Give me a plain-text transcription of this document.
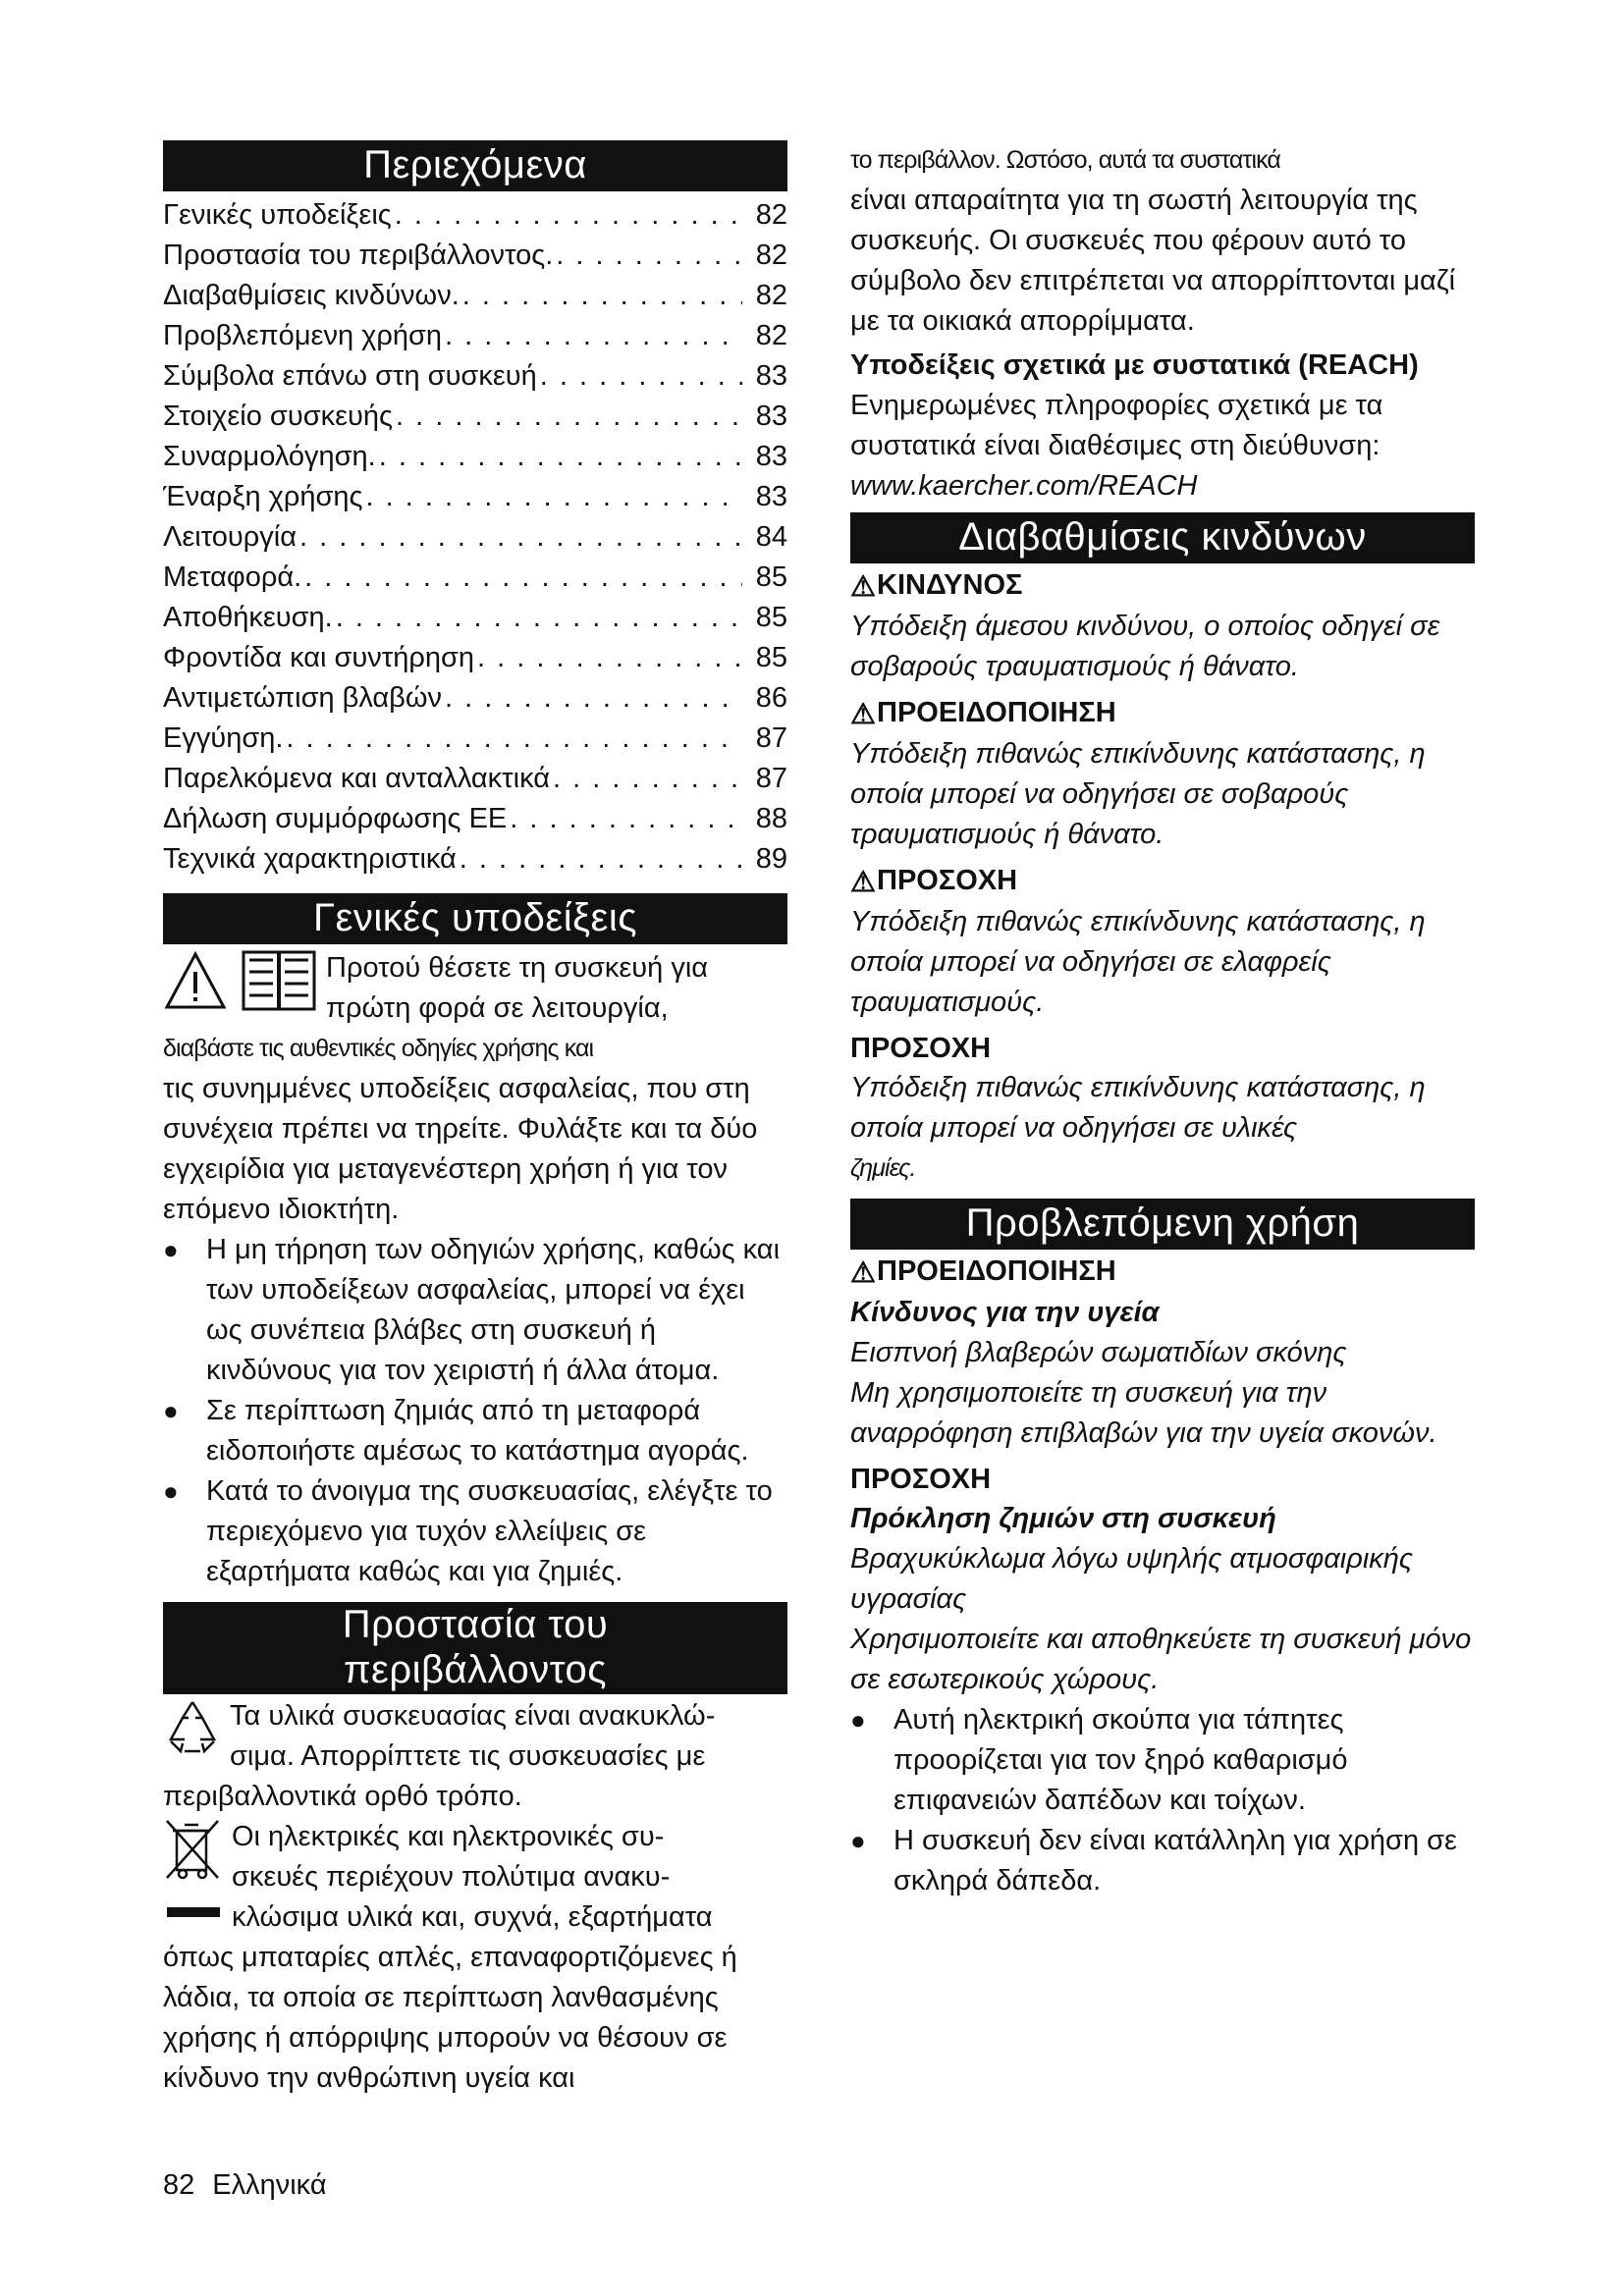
Περιεχόμενα
Γενικές υποδείξεις . . .	82
Προστασία του περιβάλλοντος. . . .	82
Διαβαθμίσεις κινδύνων. . . .	82
Προβλεπόμενη χρήση . . .	82
Σύμβολα επάνω στη συσκευή . . .	83
Στοιχείο συσκευής . . .	83
Συναρμολόγηση. . . .	83
Έναρξη χρήσης . . .	83
Λειτουργία . . .	84
Μεταφορά. . . .	85
Αποθήκευση. . . .	85
Φροντίδα και συντήρηση . . .	85
Αντιμετώπιση βλαβών . . .	86
Εγγύηση. . . .	87
Παρελκόμενα και ανταλλακτικά . . .	87
Δήλωση συμμόρφωσης ΕΕ . . .	88
Τεχνικά χαρακτηριστικά . . .	89
Γενικές υποδείξεις

Προτού θέσετε τη συσκευή για

πρώτη φορά σε λειτουργία,

διαβάστε τις αυθεντικές οδηγίες χρήσης και

τις συνημμένες υποδείξεις ασφαλείας, που στη συνέχεια πρέπει να τηρείτε. Φυλάξτε και τα δύο εγχειρίδια για μεταγενέστερη χρήση ή για τον επόμενο ιδιοκτήτη.

● Η μη τήρηση των οδηγιών χρήσης, καθώς και των υποδείξεων ασφαλείας, μπορεί να έχει ως συνέπεια βλάβες στη συσκευή ή κινδύνους για τον χειριστή ή άλλα άτομα.
● Σε περίπτωση ζημιάς από τη μεταφορά ειδοποιήστε αμέσως το κατάστημα αγοράς.
● Κατά το άνοιγμα της συσκευασίας, ελέγξτε το περιεχόμενο για τυχόν ελλείψεις σε εξαρτήματα καθώς και για ζημιές.
Προστασία του
περιβάλλοντος

Τα υλικά συσκευασίας είναι ανακυκλώ-

σιμα. Απορρίπτετε τις συσκευασίες με

περιβαλλοντικά ορθό τρόπο.

Οι ηλεκτρικές και ηλεκτρονικές συ-

σκευές περιέχουν πολύτιμα ανακυ-

κλώσιμα υλικά και, συχνά, εξαρτήματα

όπως μπαταρίες απλές, επαναφορτιζόμενες ή λάδια, τα οποία σε περίπτωση λανθασμένης χρήσης ή απόρριψης μπορούν να θέσουν σε κίνδυνο την ανθρώπινη υγεία και

το περιβάλλον. Ωστόσο, αυτά τα συστατικά

είναι απαραίτητα για τη σωστή λειτουργία της συσκευής. Οι συσκευές που φέρουν αυτό το σύμβολο δεν επιτρέπεται να απορρίπτονται μαζί με τα οικιακά απορρίμματα.

Υποδείξεις σχετικά με συστατικά (REACH)

Ενημερωμένες πληροφορίες σχετικά με τα συστατικά είναι διαθέσιμες στη διεύθυνση:

www.kaercher.com/REACH

Διαβαθμίσεις κινδύνων
⚠ΚΙΝΔΥΝΟΣ

Υπόδειξη άμεσου κινδύνου, ο οποίος οδηγεί σε σοβαρούς τραυματισμούς ή θάνατο.

⚠ΠΡΟΕΙΔΟΠΟΙΗΣΗ

Υπόδειξη πιθανώς επικίνδυνης κατάστασης, η οποία μπορεί να οδηγήσει σε σοβαρούς τραυματισμούς ή θάνατο.

⚠ΠΡΟΣΟΧΗ

Υπόδειξη πιθανώς επικίνδυνης κατάστασης, η οποία μπορεί να οδηγήσει σε ελαφρείς τραυματισμούς.

ΠΡΟΣΟΧΗ

Υπόδειξη πιθανώς επικίνδυνης κατάστασης, η οποία μπορεί να οδηγήσει σε υλικές

ζημίες.

Προβλεπόμενη χρήση
⚠ΠΡΟΕΙΔΟΠΟΙΗΣΗ

Κίνδυνος για την υγεία

Εισπνοή βλαβερών σωματιδίων σκόνης

Μη χρησιμοποιείτε τη συσκευή για την αναρρόφηση επιβλαβών για την υγεία σκονών.

ΠΡΟΣΟΧΗ

Πρόκληση ζημιών στη συσκευή

Βραχυκύκλωμα λόγω υψηλής ατμοσφαιρικής υγρασίας

Χρησιμοποιείτε και αποθηκεύετε τη συσκευή μόνο σε εσωτερικούς χώρους.

● Αυτή ηλεκτρική σκούπα για τάπητες προορίζεται για τον ξηρό καθαρισμό επιφανειών δαπέδων και τοίχων.
● Η συσκευή δεν είναι κατάλληλη για χρήση σε σκληρά δάπεδα.
82 Ελληνικά
